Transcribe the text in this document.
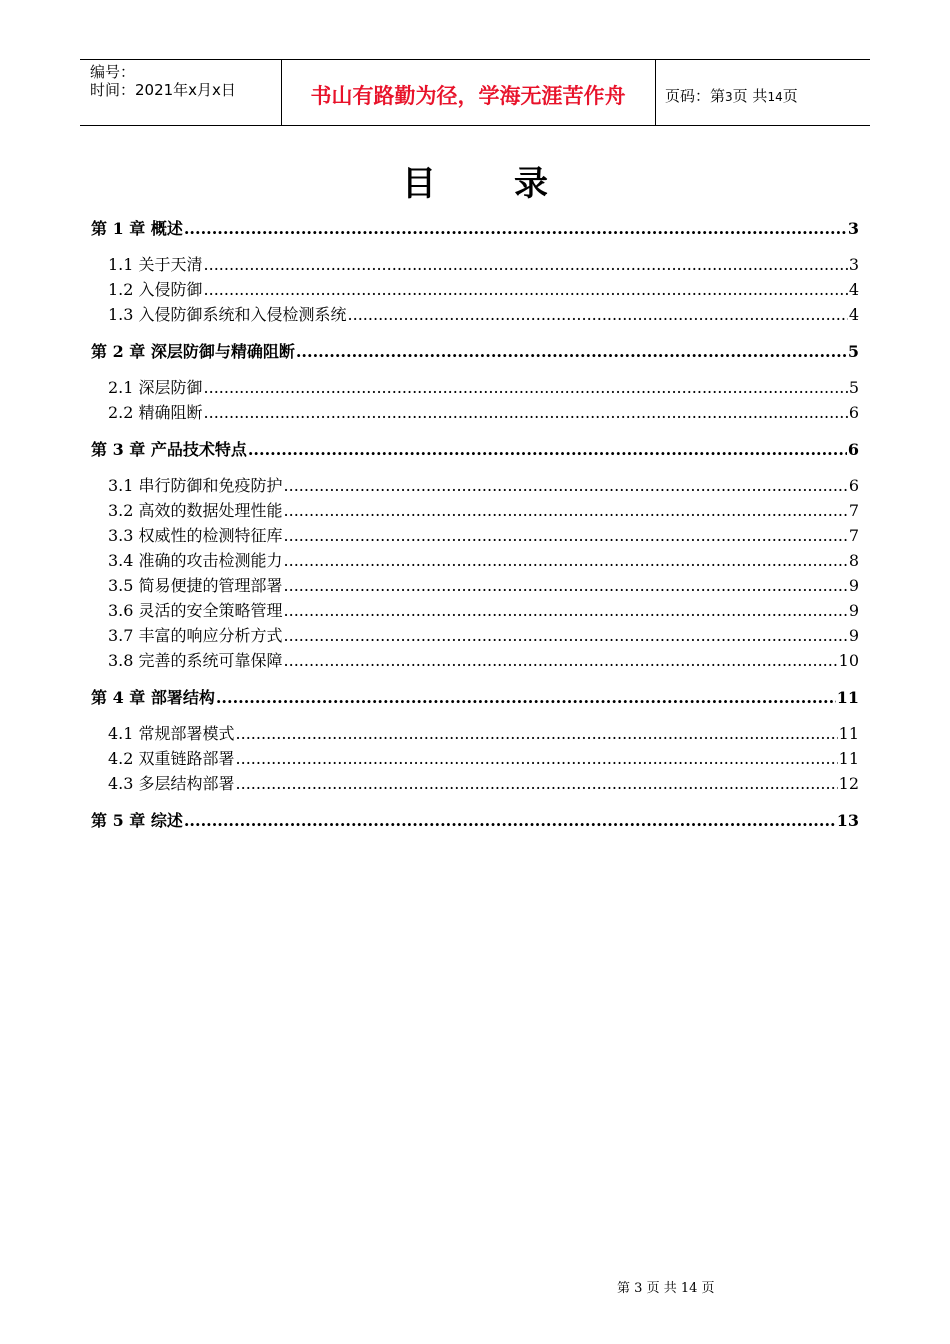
编号：
时间：2021年x月x日	书山有路勤为径，学海无涯苦作舟	页码：第3页 共14页
目录
第 1 章 概述 .....	3
1.1 关于天清 .....	3
1.2 入侵防御 .....	4
1.3 入侵防御系统和入侵检测系统 .....	4
第 2 章 深层防御与精确阻断 .....	5
2.1 深层防御 .....	5
2.2 精确阻断 .....	6
第 3 章 产品技术特点 .....	6
3.1 串行防御和免疫防护 .....	6
3.2 高效的数据处理性能 .....	7
3.3 权威性的检测特征库 .....	7
3.4 准确的攻击检测能力 .....	8
3.5 简易便捷的管理部署 .....	9
3.6 灵活的安全策略管理 .....	9
3.7 丰富的响应分析方式 .....	9
3.8 完善的系统可靠保障 .....	10
第 4 章 部署结构 .....	11
4.1 常规部署模式 .....	11
4.2 双重链路部署 .....	11
4.3 多层结构部署 .....	12
第 5 章 综述 .....	13
第 3 页 共 14 页
